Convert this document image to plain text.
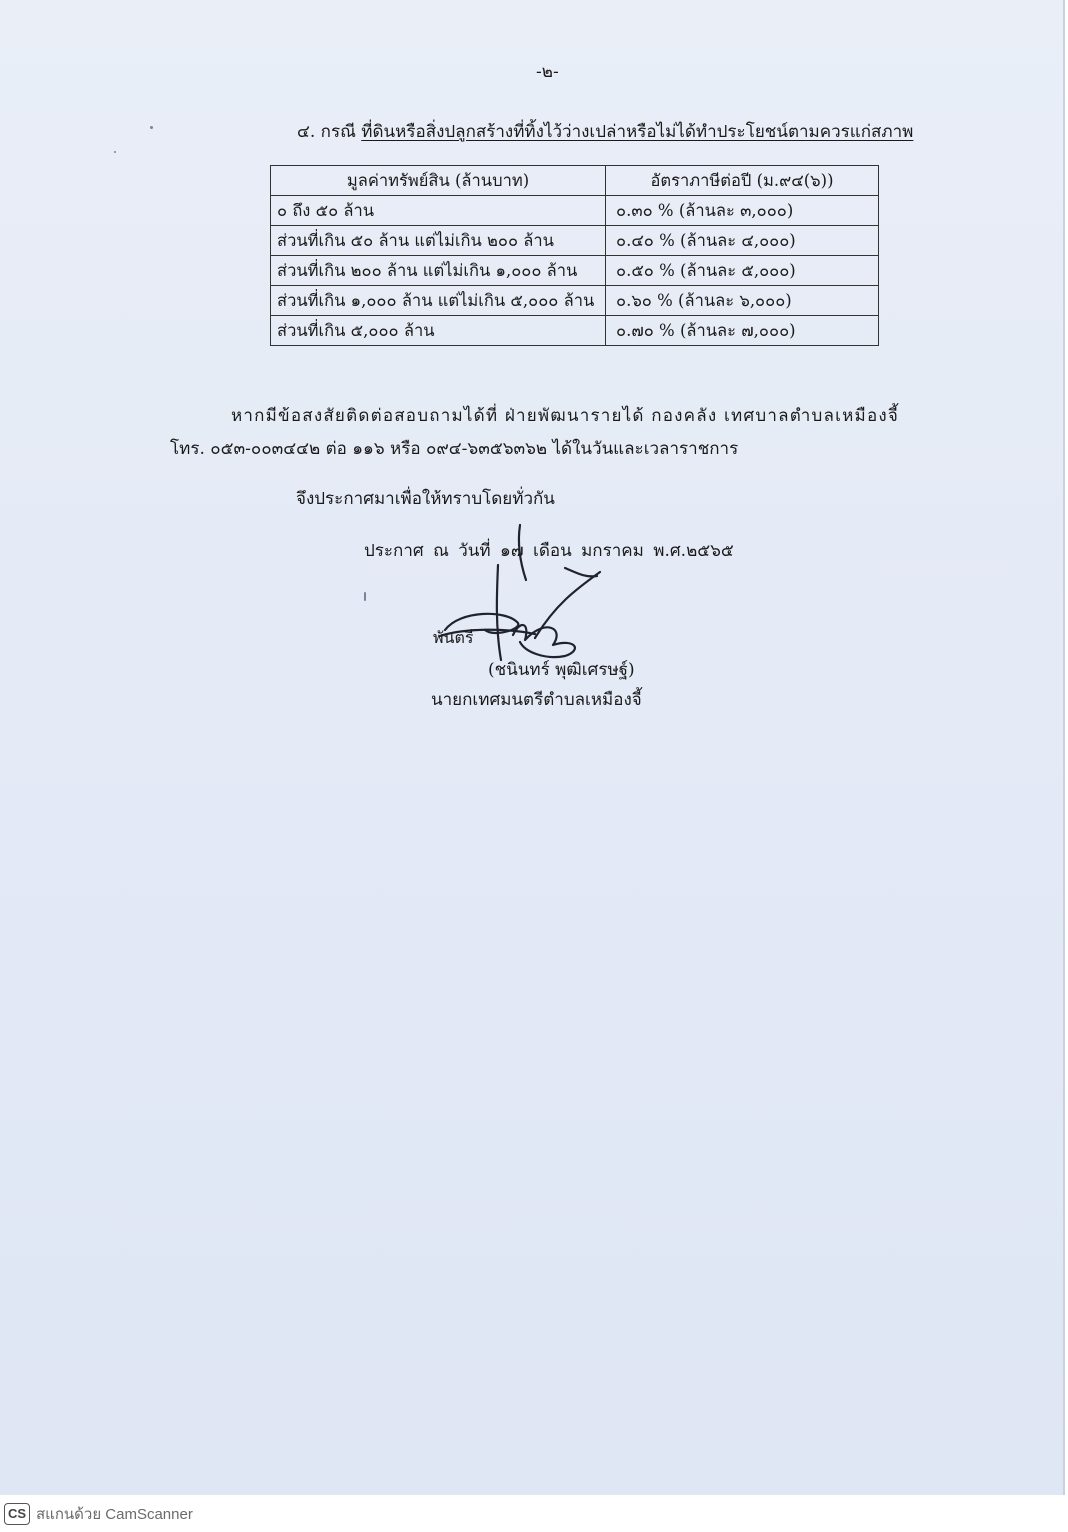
-๒-
๔. กรณี ที่ดินหรือสิ่งปลูกสร้างที่ทิ้งไว้ว่างเปล่าหรือไม่ได้ทำประโยชน์ตามควรแก่สภาพ
มูลค่าทรัพย์สิน (ล้านบาท)	อัตราภาษีต่อปี (ม.๙๔(๖))
๐ ถึง ๕๐ ล้าน	๐.๓๐ % (ล้านละ ๓,๐๐๐)
ส่วนที่เกิน ๕๐ ล้าน แต่ไม่เกิน ๒๐๐ ล้าน	๐.๔๐ % (ล้านละ ๔,๐๐๐)
ส่วนที่เกิน ๒๐๐ ล้าน แต่ไม่เกิน ๑,๐๐๐ ล้าน	๐.๕๐ % (ล้านละ ๕,๐๐๐)
ส่วนที่เกิน ๑,๐๐๐ ล้าน แต่ไม่เกิน ๕,๐๐๐ ล้าน	๐.๖๐ % (ล้านละ ๖,๐๐๐)
ส่วนที่เกิน ๕,๐๐๐ ล้าน	๐.๗๐ % (ล้านละ ๗,๐๐๐)
หากมีข้อสงสัยติดต่อสอบถามได้ที่ ฝ่ายพัฒนารายได้ กองคลัง เทศบาลตำบลเหมืองจี้
โทร. ๐๕๓-๐๐๓๔๔๒ ต่อ ๑๑๖ หรือ ๐๙๔-๖๓๕๖๓๖๒ ได้ในวันและเวลาราชการ
จึงประกาศมาเพื่อให้ทราบโดยทั่วกัน
ประกาศ ณ วันที่ ๑๗ เดือน มกราคม พ.ศ.๒๕๖๕
พันตรี
(ชนินทร์ พุฒิเศรษฐ์)
นายกเทศมนตรีตำบลเหมืองจี้
CS สแกนด้วย CamScanner
